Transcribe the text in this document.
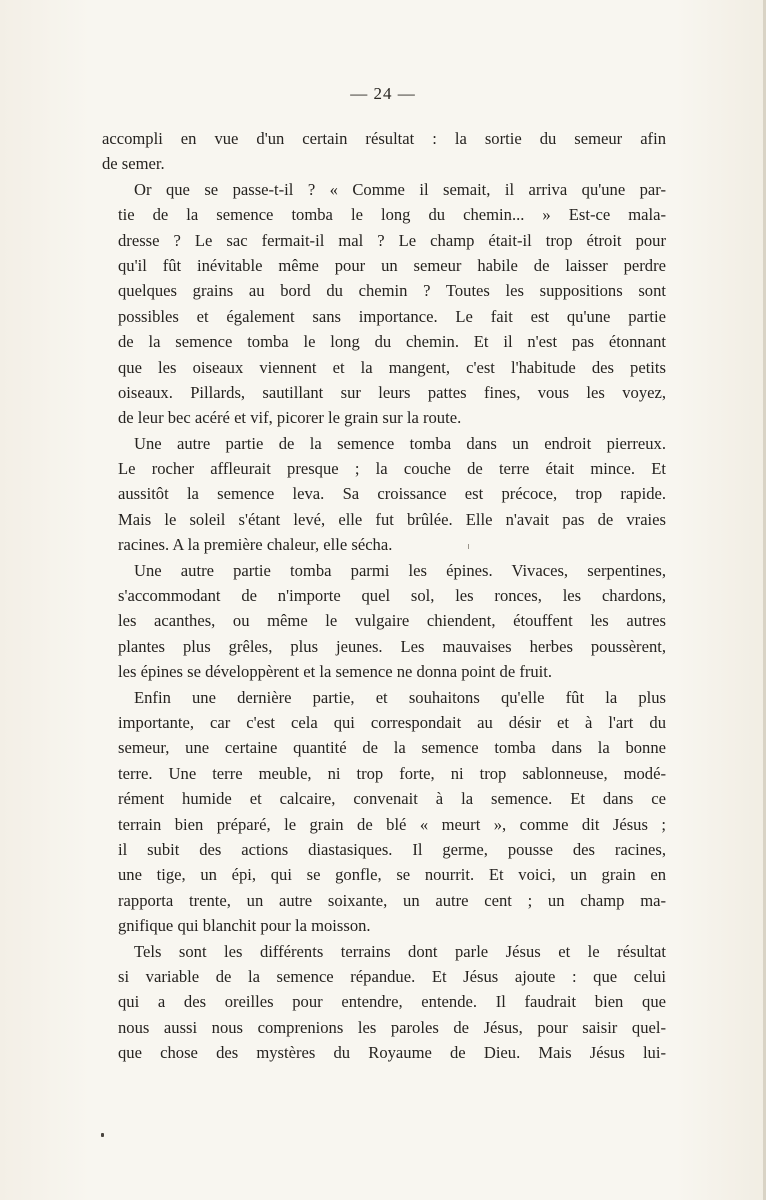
— 24 —

accompli en vue d'un certain résultat : la sortie du semeur afin
de semer.

Or que se passe-t-il ? « Comme il semait, il arriva qu'une par-
tie de la semence tomba le long du chemin... » Est-ce mala-
dresse ? Le sac fermait-il mal ? Le champ était-il trop étroit pour
qu'il fût inévitable même pour un semeur habile de laisser perdre
quelques grains au bord du chemin ? Toutes les suppositions sont
possibles et également sans importance. Le fait est qu'une partie
de la semence tomba le long du chemin. Et il n'est pas étonnant
que les oiseaux viennent et la mangent, c'est l'habitude des petits
oiseaux. Pillards, sautillant sur leurs pattes fines, vous les voyez,
de leur bec acéré et vif, picorer le grain sur la route.

Une autre partie de la semence tomba dans un endroit pierreux.
Le rocher affleurait presque ; la couche de terre était mince. Et
aussitôt la semence leva. Sa croissance est précoce, trop rapide.
Mais le soleil s'étant levé, elle fut brûlée. Elle n'avait pas de vraies
racines. A la première chaleur, elle sécha.

Une autre partie tomba parmi les épines. Vivaces, serpentines,
s'accommodant de n'importe quel sol, les ronces, les chardons,
les acanthes, ou même le vulgaire chiendent, étouffent les autres
plantes plus grêles, plus jeunes. Les mauvaises herbes poussèrent,
les épines se développèrent et la semence ne donna point de fruit.

Enfin une dernière partie, et souhaitons qu'elle fût la plus
importante, car c'est cela qui correspondait au désir et à l'art du
semeur, une certaine quantité de la semence tomba dans la bonne
terre. Une terre meuble, ni trop forte, ni trop sablonneuse, modé-
rément humide et calcaire, convenait à la semence. Et dans ce
terrain bien préparé, le grain de blé « meurt », comme dit Jésus ;
il subit des actions diastasiques. Il germe, pousse des racines,
une tige, un épi, qui se gonfle, se nourrit. Et voici, un grain en
rapporta trente, un autre soixante, un autre cent ; un champ ma-
gnifique qui blanchit pour la moisson.

Tels sont les différents terrains dont parle Jésus et le résultat
si variable de la semence répandue. Et Jésus ajoute : que celui
qui a des oreilles pour entendre, entende. Il faudrait bien que
nous aussi nous comprenions les paroles de Jésus, pour saisir quel-
que chose des mystères du Royaume de Dieu. Mais Jésus lui-
